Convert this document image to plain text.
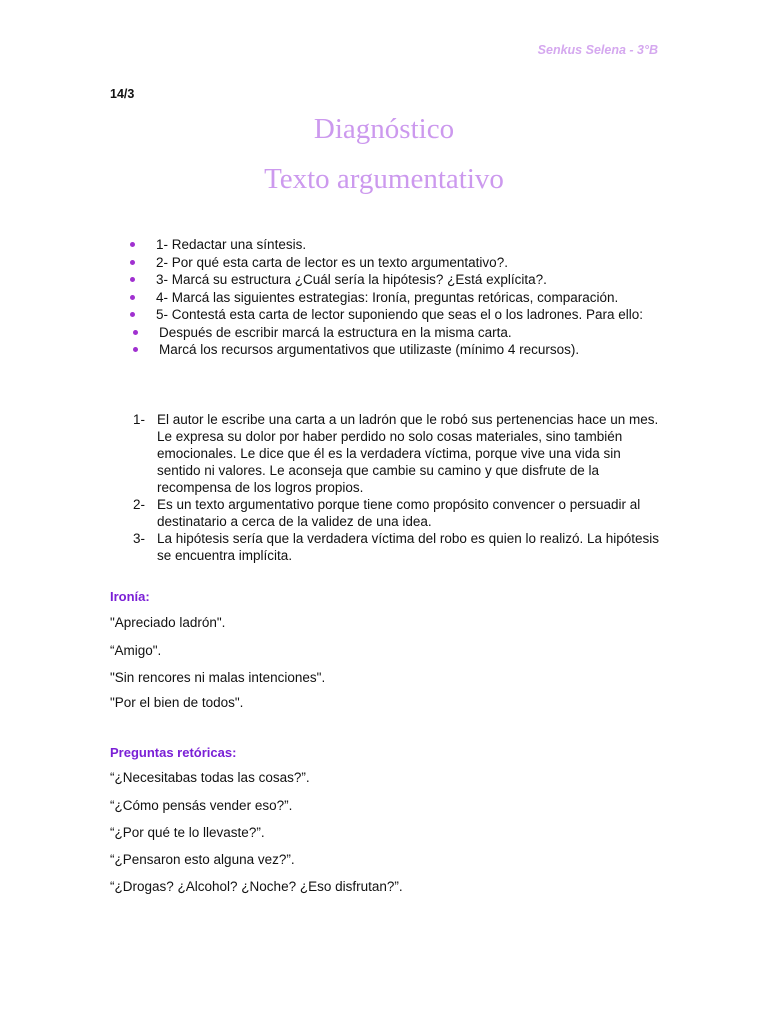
Senkus Selena - 3°B
14/3
Diagnóstico
Texto argumentativo
1- Redactar una síntesis.
2- Por qué esta carta de lector es un texto argumentativo?.
3- Marcá su estructura ¿Cuál sería la hipótesis? ¿Está explícita?.
4- Marcá las siguientes estrategias: Ironía, preguntas retóricas, comparación.
5- Contestá esta carta de lector suponiendo que seas el o los ladrones. Para ello:
Después de escribir marcá la estructura en la misma carta.
Marcá los recursos argumentativos que utilizaste (mínimo 4 recursos).
1- El autor le escribe una carta a un ladrón que le robó sus pertenencias hace un mes. Le expresa su dolor por haber perdido no solo cosas materiales, sino también emocionales. Le dice que él es la verdadera víctima, porque vive una vida sin sentido ni valores. Le aconseja que cambie su camino y que disfrute de la recompensa de los logros propios.
2- Es un texto argumentativo porque tiene como propósito convencer o persuadir al destinatario a cerca de la validez de una idea.
3- La hipótesis sería que la verdadera víctima del robo es quien lo realizó. La hipótesis se encuentra implícita.
Ironía:
"Apreciado ladrón".
“Amigo".
"Sin rencores ni malas intenciones".
"Por el bien de todos".
Preguntas retóricas:
“¿Necesitabas todas las cosas?”.
“¿Cómo pensás vender eso?”.
“¿Por qué te lo llevaste?”.
“¿Pensaron esto alguna vez?”.
“¿Drogas? ¿Alcohol? ¿Noche? ¿Eso disfrutan?”.
